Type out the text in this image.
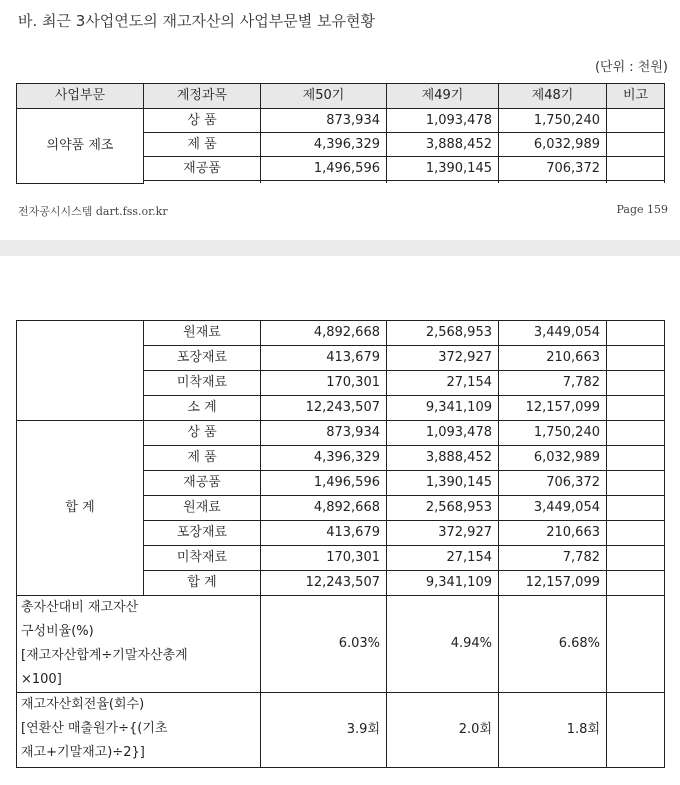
바. 최근 3사업연도의 재고자산의 사업부문별 보유현황
(단위 : 천원)
사업부문	계정과목	제50기	제49기	제48기	비고
의약품 제조	상 품	873,934	1,093,478	1,750,240	
	제 품	4,396,329	3,888,452	6,032,989	
	재공품	1,496,596	1,390,145	706,372	

전자공시시스템 dart.fss.or.kr	Page 159
	원재료	4,892,668	2,568,953	3,449,054	
	포장재료	413,679	372,927	210,663	
	미착재료	170,301	27,154	7,782	
	소 계	12,243,507	9,341,109	12,157,099	
합 계	상 품	873,934	1,093,478	1,750,240	
	제 품	4,396,329	3,888,452	6,032,989	
	재공품	1,496,596	1,390,145	706,372	
	원재료	4,892,668	2,568,953	3,449,054	
	포장재료	413,679	372,927	210,663	
	미착재료	170,301	27,154	7,782	
	합 계	12,243,507	9,341,109	12,157,099	

총자산대비 재고자산
구성비율(%)
[재고자산합계÷기말자산총계
×100]		6.03%	4.94%	6.68%	

재고자산회전율(회수)
[연환산 매출원가÷{(기초
재고+기말재고)÷2}]		3.9회	2.0회	1.8회	
